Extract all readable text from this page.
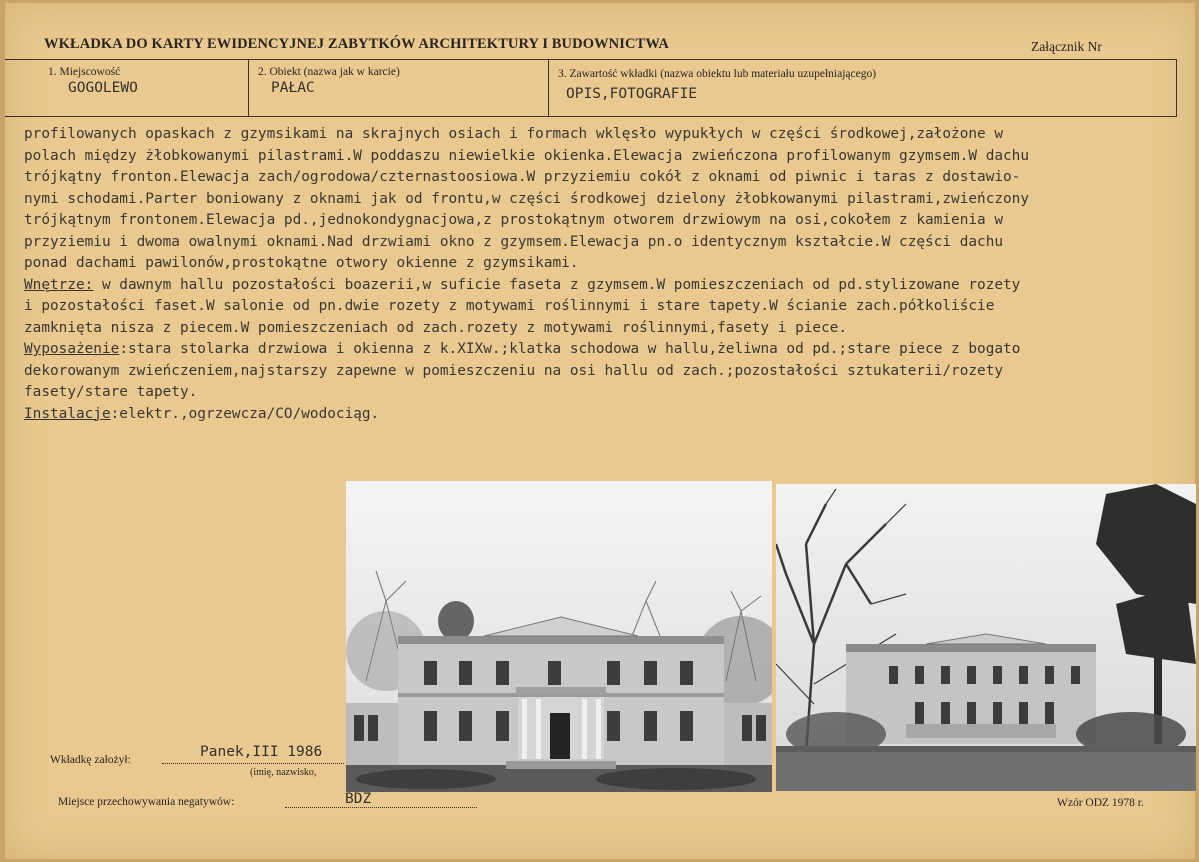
WKŁADKA DO KARTY EWIDENCYJNEJ ZABYTKÓW ARCHITEKTURY I BUDOWNICTWA	Załącznik Nr
1. Miejscowość
GOGOLEWO
2. Obiekt (nazwa jak w karcie)
PAŁAC
3. Zawartość wkładki (nazwa obiektu lub materiału uzupełniającego)
OPIS,FOTOGRAFIE
profilowanych opaskach z gzymsikami na skrajnych osiach i formach wklęsło wypukłych w części środkowej,założone w
polach między żłobkowanymi pilastrami.W poddaszu niewielkie okienka.Elewacja zwieńczona profilowanym gzymsem.W dachu
trójkątny fronton.Elewacja zach/ogrodowa/czternastoosiowa.W przyziemiu cokół z oknami od piwnic i taras z dostawio-
nymi schodami.Parter boniowany z oknami jak od frontu,w części środkowej dzielony żłobkowanymi pilastrami,zwieńczony
trójkątnym frontonem.Elewacja pd.,jednokondygnacjowa,z prostokątnym otworem drzwiowym na osi,cokołem z kamienia w
przyziemiu i dwoma owalnymi oknami.Nad drzwiami okno z gzymsem.Elewacja pn.o identycznym kształcie.W części dachu
ponad dachami pawilonów,prostokątne otwory okienne z gzymsikami.
Wnętrze: w dawnym hallu pozostałości boazerii,w suficie faseta z gzymsem.W pomieszczeniach od pd.stylizowane rozety
i pozostałości faset.W salonie od pn.dwie rozety z motywami roślinnymi i stare tapety.W ścianie zach.półkoliście
zamknięta nisza z piecem.W pomieszczeniach od zach.rozety z motywami roślinnymi,fasety i piece.
Wyposażenie:stara stolarka drzwiowa i okienna z k.XIXw.;klatka schodowa w hallu,żeliwna od pd.;stare piece z bogato
dekorowanym zwieńczeniem,najstarszy zapewne w pomieszczeniu na osi hallu od zach.;pozostałości sztukaterii/rozety
fasety/stare tapety.
Instalacje:elektr.,ogrzewcza/CO/wodociąg.
Wkładkę założył:	Panek,III 1986
(imię, nazwisko,
Miejsce przechowywania negatywów:	BDZ	Wzór ODZ 1978 r.
